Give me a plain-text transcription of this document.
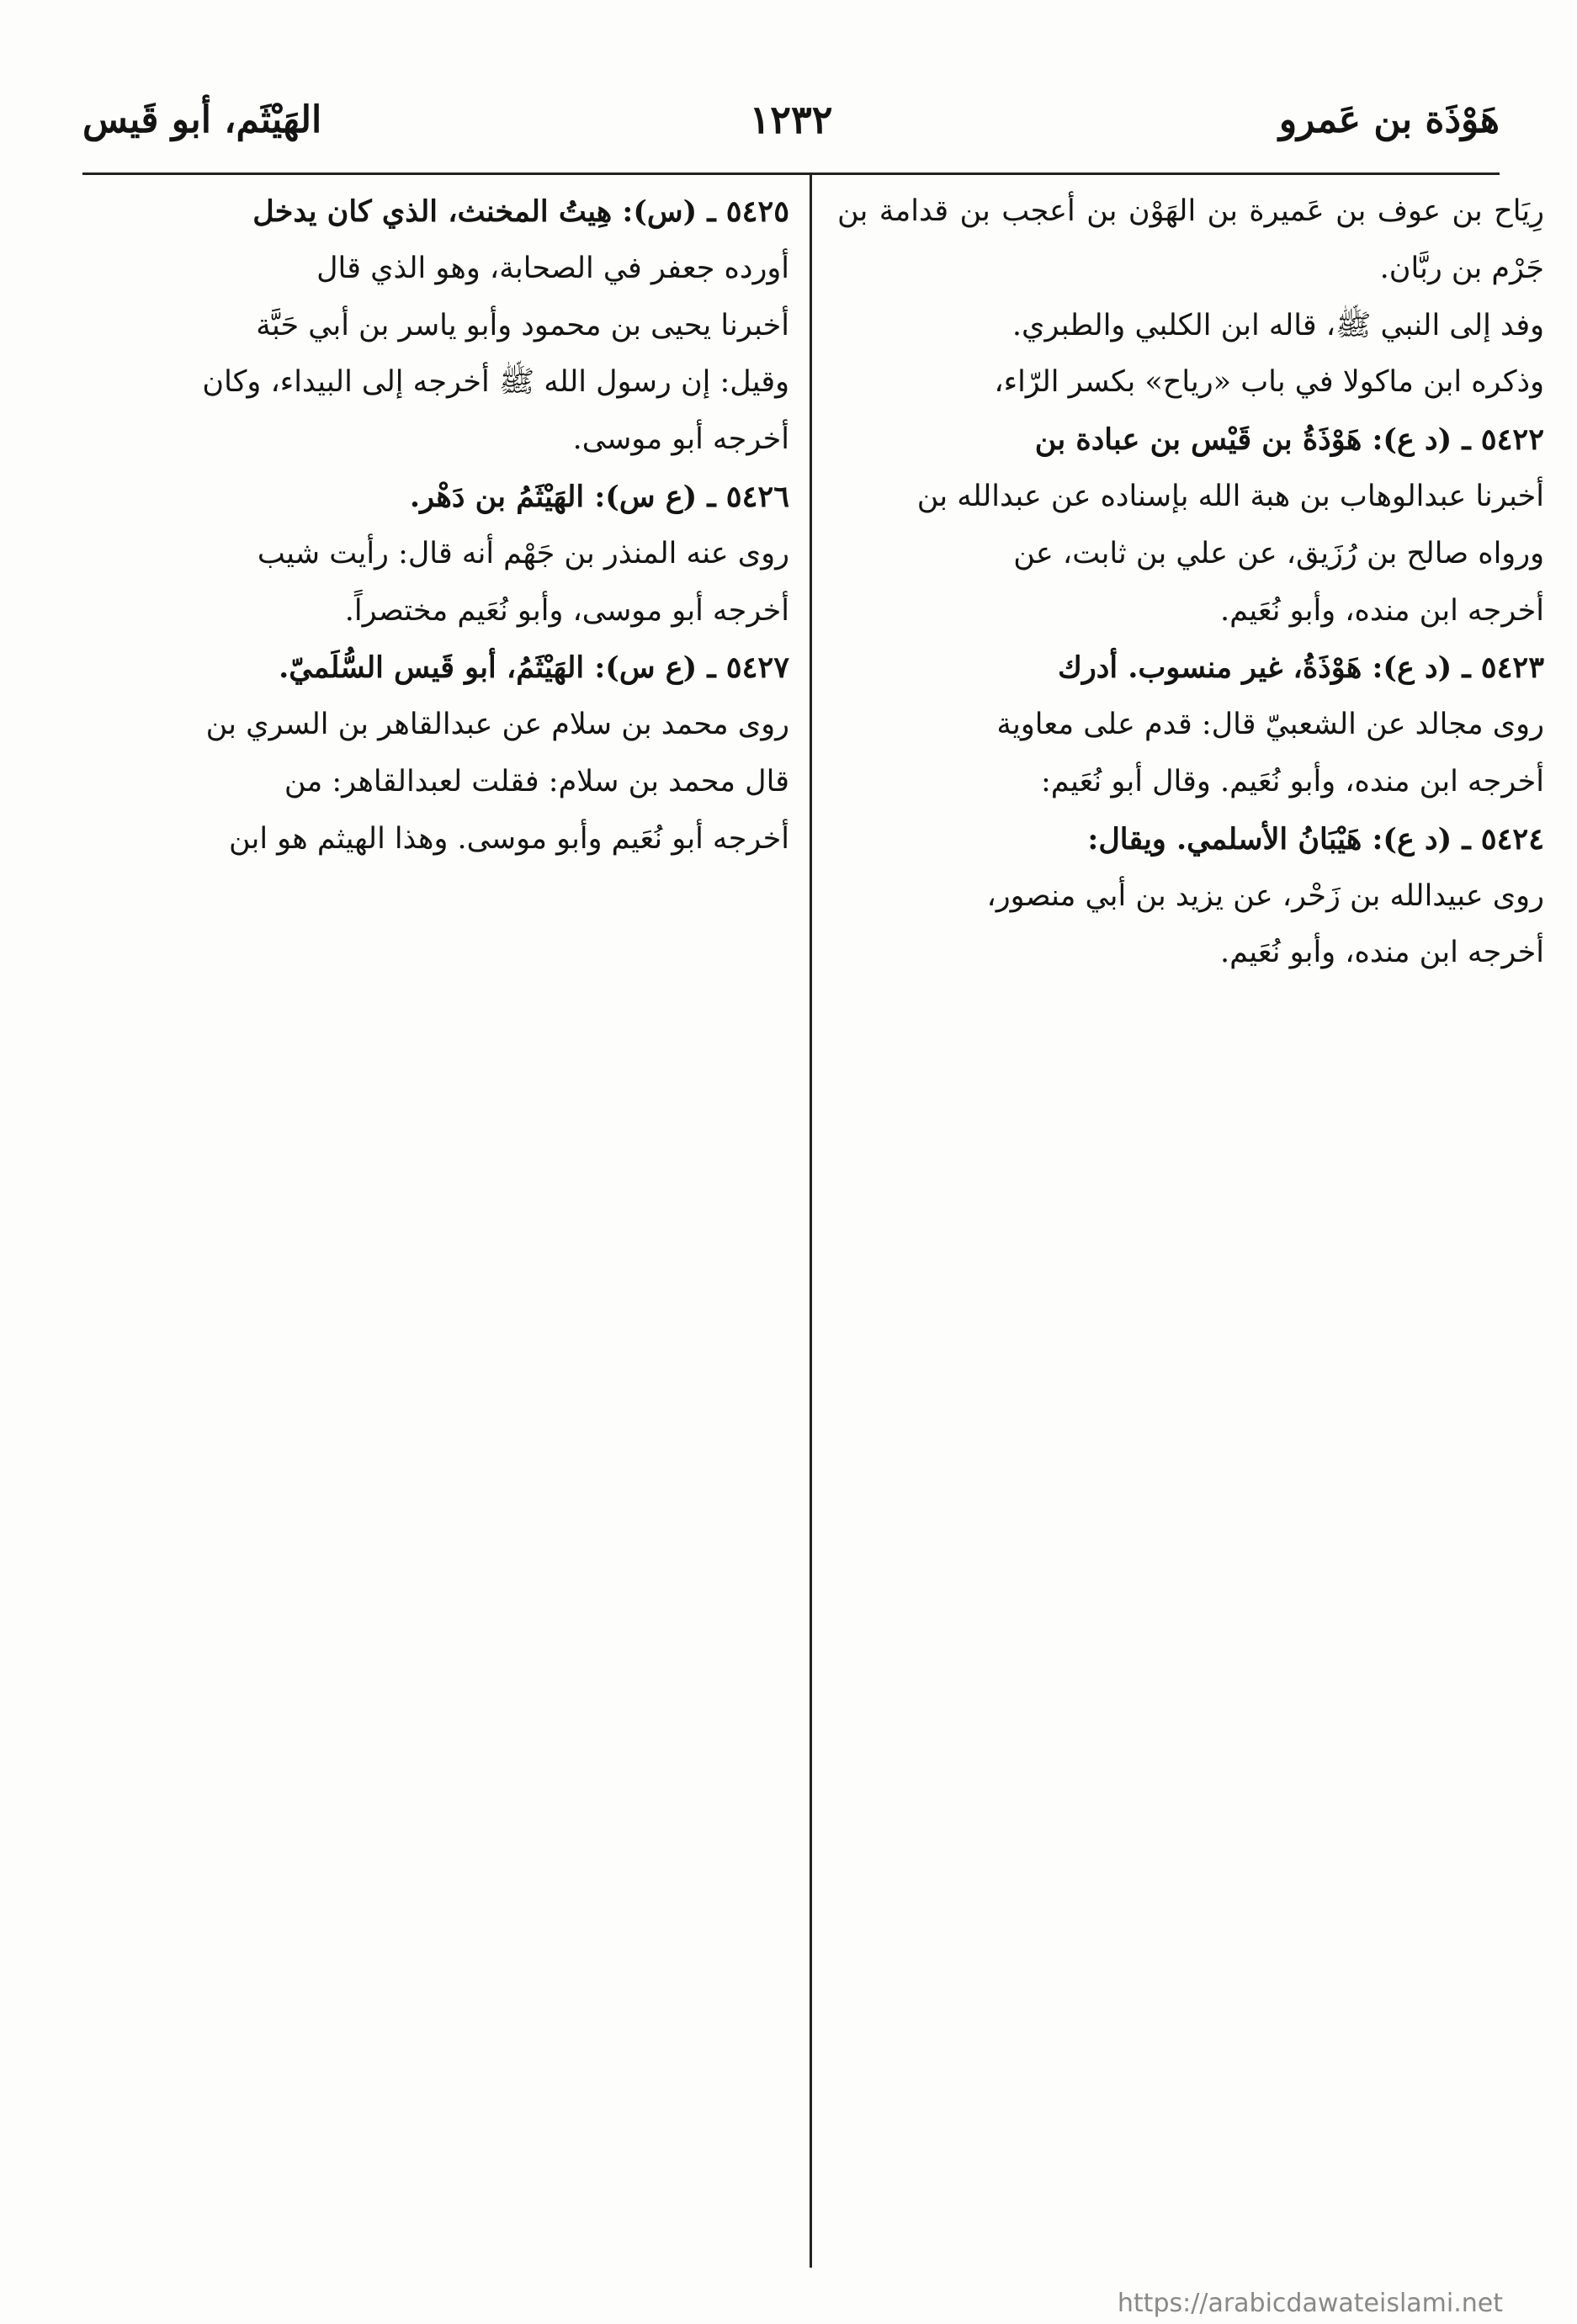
هَوْذَة بن عَمرو
١٢٣٢
الهَيْثَم، أبو قَيس

رِيَاح بن عوف بن عَميرة بن الهَوْن بن أعجب بن قدامة بن جَرْم بن ربَّان.

وفد إلى النبي ﷺ، قاله ابن الكلبي والطبري.

وذكره ابن ماكولا في باب «رياح» بكسر الرّاء،

٥٤٢٢ ـ (د ع): هَوْذَةُ بن قَيْس بن عبادة بن

أخبرنا عبدالوهاب بن هبة الله بإسناده عن عبدالله بن

ورواه صالح بن رُزَيق، عن علي بن ثابت، عن

أخرجه ابن منده، وأبو نُعَيم.

٥٤٢٣ ـ (د ع): هَوْذَةُ، غير منسوب. أدرك

روى مجالد عن الشعبيّ قال: قدم على معاوية

أخرجه ابن منده، وأبو نُعَيم. وقال أبو نُعَيم:

٥٤٢٤ ـ (د ع): هَيْبَانُ الأسلمي. ويقال:

روى عبيدالله بن زَحْر، عن يزيد بن أبي منصور،

أخرجه ابن منده، وأبو نُعَيم.

٥٤٢٥ ـ (س): هِيتُ المخنث، الذي كان يدخل

أورده جعفر في الصحابة، وهو الذي قال

أخبرنا يحيى بن محمود وأبو ياسر بن أبي حَبَّة

وقيل: إن رسول الله ﷺ أخرجه إلى البيداء، وكان

أخرجه أبو موسى.

٥٤٢٦ ـ (ع س): الهَيْثَمُ بن دَهْر.

روى عنه المنذر بن جَهْم أنه قال: رأيت شيب

أخرجه أبو موسى، وأبو نُعَيم مختصراً.

٥٤٢٧ ـ (ع س): الهَيْثَمُ، أبو قَيس السُّلَميّ.

روى محمد بن سلام عن عبدالقاهر بن السري بن

قال محمد بن سلام: فقلت لعبدالقاهر: من

أخرجه أبو نُعَيم وأبو موسى. وهذا الهيثم هو ابن

https://arabicdawateislami.net
